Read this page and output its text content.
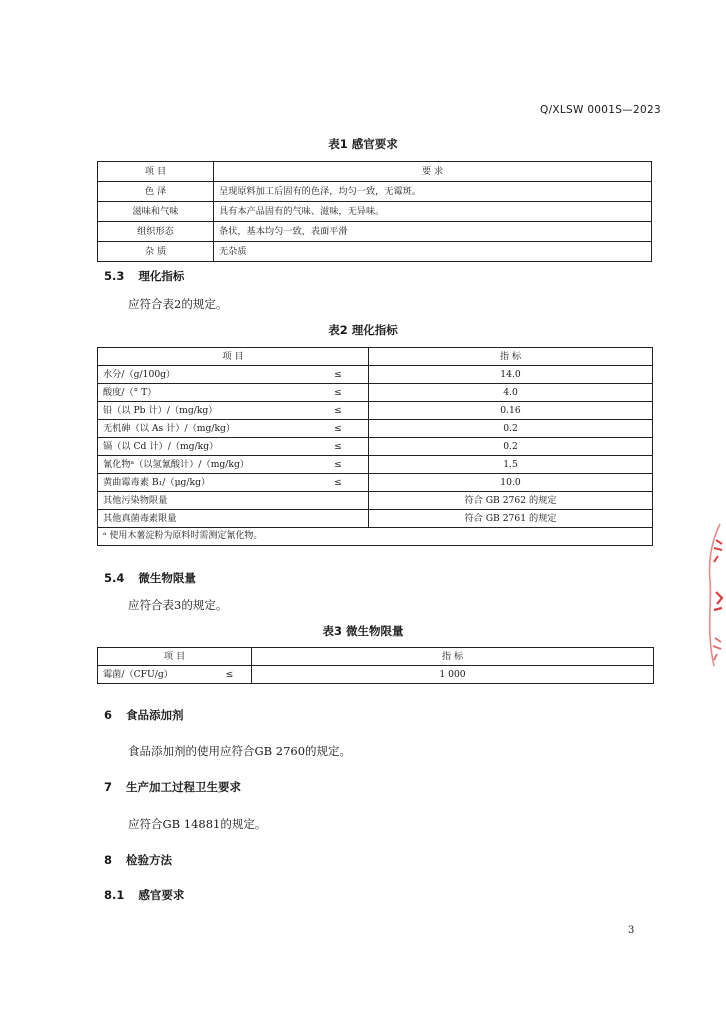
Q/XLSW 0001S—2023
表1 感官要求
项 目	要 求
色 泽	呈现原料加工后固有的色泽，均匀一致，无霉斑。
滋味和气味	具有本产品固有的气味、滋味，无异味。
组织形态	条状，基本均匀一致，表面平滑
杂 质	无杂质
5.3 理化指标
应符合表2的规定。
表2 理化指标
项 目		指 标
水分/（g/100g）	≤	14.0
酸度/（° T）	≤	4.0
铅（以 Pb 计）/（mg/kg）	≤	0.16
无机砷（以 As 计）/（mg/kg）	≤	0.2
镉（以 Cd 计）/（mg/kg）	≤	0.2
氰化物ᵃ（以氢氰酸计）/（mg/kg）	≤	1.5
黄曲霉毒素 B₁/（μg/kg）	≤	10.0
其他污染物限量		符合 GB 2762 的规定
其他真菌毒素限量		符合 GB 2761 的规定
ᵃ 使用木薯淀粉为原料时需测定氰化物。		
5.4 微生物限量
应符合表3的规定。
表3 微生物限量
项 目		指 标
霉菌/（CFU/g）	≤	1 000
6 食品添加剂
食品添加剂的使用应符合GB 2760的规定。
7 生产加工过程卫生要求
应符合GB 14881的规定。
8 检验方法
8.1 感官要求
3
